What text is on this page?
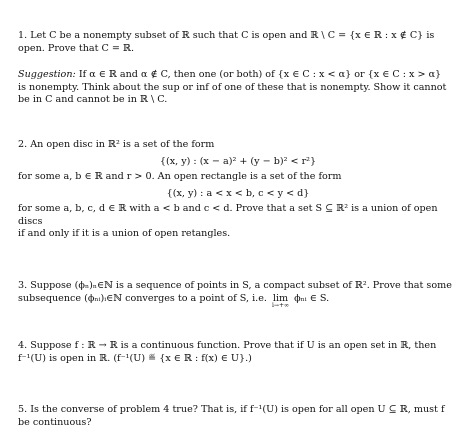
1. Let C be a nonempty subset of ℝ such that C is open and ℝ \ C = {x ∈ ℝ : x ∉ C} is

open. Prove that C = ℝ.

Suggestion: If α ∈ ℝ and α ∉ C, then one (or both) of {x ∈ C : x < α} or {x ∈ C : x > α}

is nonempty. Think about the sup or inf of one of these that is nonempty. Show it cannot

be in C and cannot be in ℝ \ C.

2. An open disc in ℝ² is a set of the form

{(x, y) : (x − a)² + (y − b)² < r²}

for some a, b ∈ ℝ and r > 0. An open rectangle is a set of the form

{(x, y) : a < x < b, c < y < d}

for some a, b, c, d ∈ ℝ with a < b and c < d. Prove that a set S ⊆ ℝ² is a union of open discs

if and only if it is a union of open retangles.

3. Suppose (ϕₙ)ₙ∈ℕ is a sequence of points in S, a compact subset of ℝ². Prove that some

subsequence (ϕₙᵢ)ᵢ∈ℕ converges to a point of S, i.e. lim
i→+∞
ϕₙᵢ ∈ S.

4. Suppose f : ℝ → ℝ is a continuous function. Prove that if U is an open set in ℝ, then

f⁻¹(U) is open in ℝ. (f⁻¹(U) ≝ {x ∈ ℝ : f(x) ∈ U}.)

5. Is the converse of problem 4 true? That is, if f⁻¹(U) is open for all open U ⊆ ℝ, must f

be continuous?
